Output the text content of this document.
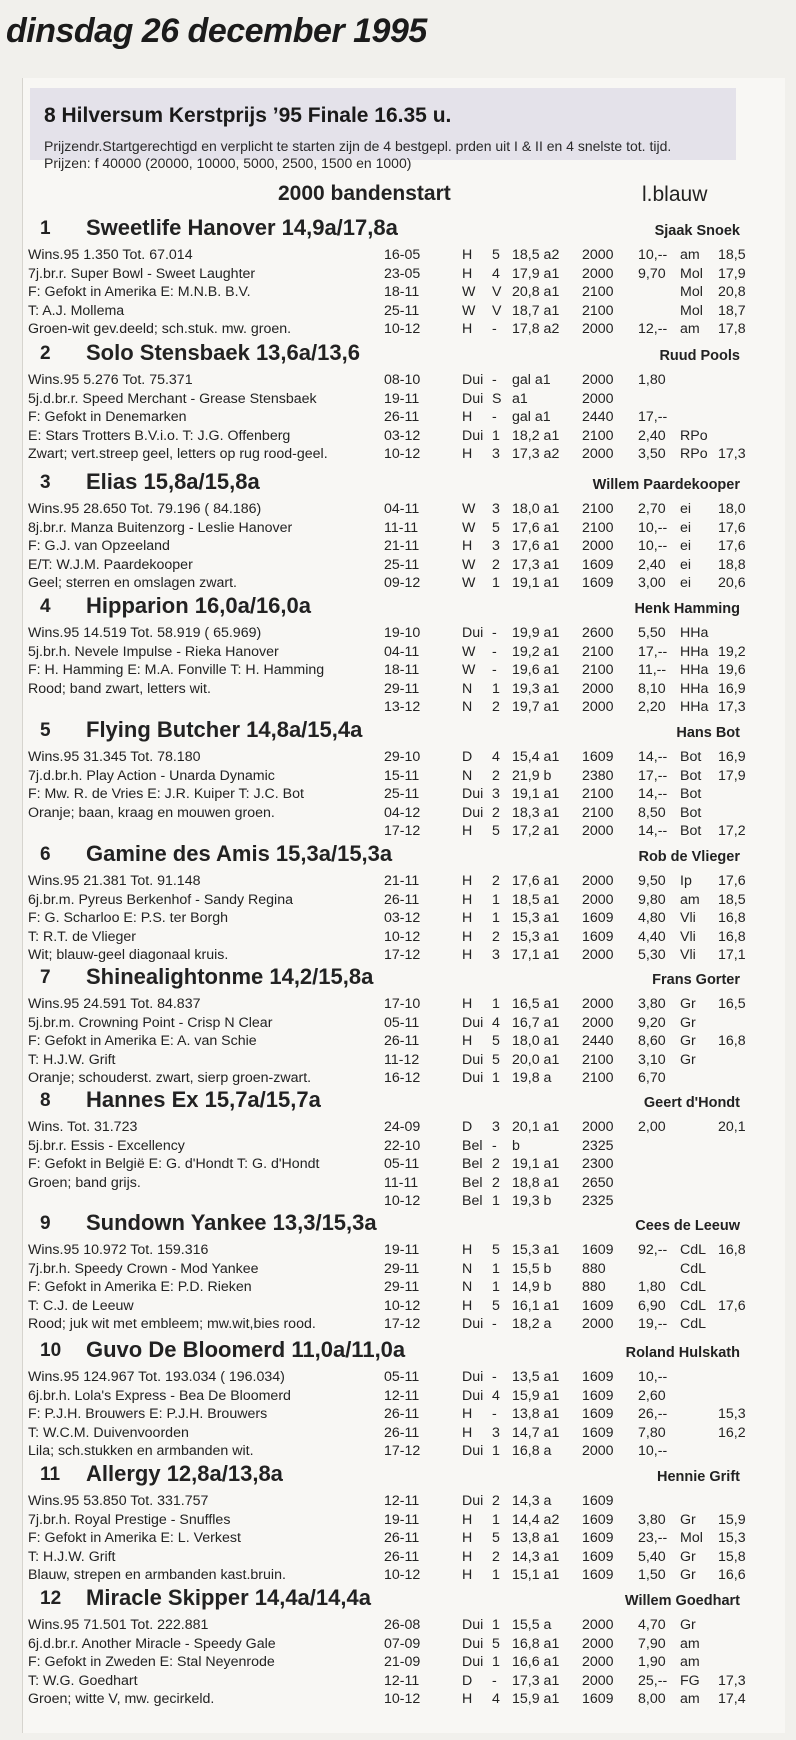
dinsdag 26 december 1995
8 Hilversum Kerstprijs ’95 Finale 16.35 u.
Prijzendr.Startgerechtigd en verplicht te starten zijn de 4 bestgepl. prden uit I & II en 4 snelste tot. tijd. Prijzen: f 40000 (20000, 10000, 5000, 2500, 1500 en 1000)
2000 bandenstart	l.blauw
1 Sweetlife Hanover 14,9a/17,8a	Sjaak Snoek
Wins.95 1.350 Tot. 67.014
7j.br.r. Super Bowl - Sweet Laughter
F: Gefokt in Amerika E: M.N.B. B.V.
T: A.J. Mollema
Groen-wit gev.deeld; sch.stuk. mw. groen.
16-05	H 5 18,5 a2 2000 10,-- am 18,5
23-05	H 4 17,9 a1 2000 9,70 Mol 17,9
18-11	W V 20,8 a1 2100	Mol 20,8
25-11	W V 18,7 a1 2100	Mol 18,7
10-12	H - 17,8 a2 2000 12,-- am 17,8
2 Solo Stensbaek 13,6a/13,6	Ruud Pools
Wins.95 5.276 Tot. 75.371
5j.d.br.r. Speed Merchant - Grease Stensbaek
F: Gefokt in Denemarken
E: Stars Trotters B.V.i.o. T: J.G. Offenberg
Zwart; vert.streep geel, letters op rug rood-geel.
08-10	Dui - gal a1 2000 1,80
19-11	Dui S a1	2000
26-11	H - gal a1 2440 17,--
03-12	Dui 1 18,2 a1 2100 2,40 RPo
10-12	H 3 17,3 a2 2000 3,50 RPo 17,3
3 Elias 15,8a/15,8a	Willem Paardekooper
Wins.95 28.650 Tot. 79.196 ( 84.186)
8j.br.r. Manza Buitenzorg - Leslie Hanover
F: G.J. van Opzeeland
E/T: W.J.M. Paardekooper
Geel; sterren en omslagen zwart.
04-11	W 3 18,0 a1 2100 2,70 ei 18,0
11-11	W 5 17,6 a1 2100 10,-- ei 17,6
21-11	H 3 17,6 a1 2000 10,-- ei 17,6
25-11	W 2 17,3 a1 1609 2,40 ei 18,8
09-12	W 1 19,1 a1 1609 3,00 ei 20,6
4 Hipparion 16,0a/16,0a	Henk Hamming
Wins.95 14.519 Tot. 58.919 ( 65.969)
5j.br.h. Nevele Impulse - Rieka Hanover
F: H. Hamming E: M.A. Fonville T: H. Hamming
Rood; band zwart, letters wit.
19-10	Dui - 19,9 a1 2600 5,50 HHa
04-11	W - 19,2 a1 2100 17,-- HHa 19,2
18-11	W - 19,6 a1 2100 11,-- HHa 19,6
29-11	N 1 19,3 a1 2000 8,10 HHa 16,9
13-12	N 2 19,7 a1 2000 2,20 HHa 17,3
5 Flying Butcher 14,8a/15,4a	Hans Bot
Wins.95 31.345 Tot. 78.180
7j.d.br.h. Play Action - Unarda Dynamic
F: Mw. R. de Vries E: J.R. Kuiper T: J.C. Bot
Oranje; baan, kraag en mouwen groen.
29-10	D 4 15,4 a1 1609 14,-- Bot 16,9
15-11	N 2 21,9 b 2380 17,-- Bot 17,9
25-11	Dui 3 19,1 a1 2100 14,-- Bot
04-12	Dui 2 18,3 a1 2100 8,50 Bot
17-12	H 5 17,2 a1 2000 14,-- Bot 17,2
6 Gamine des Amis 15,3a/15,3a	Rob de Vlieger
Wins.95 21.381 Tot. 91.148
6j.br.m. Pyreus Berkenhof - Sandy Regina
F: G. Scharloo E: P.S. ter Borgh
T: R.T. de Vlieger
Wit; blauw-geel diagonaal kruis.
21-11	H 2 17,6 a1 2000 9,50 Ip 17,6
26-11	H 1 18,5 a1 2000 9,80 am 18,5
03-12	H 1 15,3 a1 1609 4,80 Vli 16,8
10-12	H 2 15,3 a1 1609 4,40 Vli 16,8
17-12	H 3 17,1 a1 2000 5,30 Vli 17,1
7 Shinealightonme 14,2/15,8a	Frans Gorter
Wins.95 24.591 Tot. 84.837
5j.br.m. Crowning Point - Crisp N Clear
F: Gefokt in Amerika E: A. van Schie
T: H.J.W. Grift
Oranje; schouderst. zwart, sierp groen-zwart.
17-10	H 1 16,5 a1 2000 3,80 Gr 16,5
05-11	Dui 4 16,7 a1 2000 9,20 Gr
26-11	H 5 18,0 a1 2440 8,60 Gr 16,8
11-12	Dui 5 20,0 a1 2100 3,10 Gr
16-12	Dui 1 19,8 a 2100 6,70
8 Hannes Ex 15,7a/15,7a	Geert d'Hondt
Wins. Tot. 31.723
5j.br.r. Essis - Excellency
F: Gefokt in België E: G. d'Hondt T: G. d'Hondt
Groen; band grijs.
24-09	D 3 20,1 a1 2000 2,00	20,1
22-10	Bel - b	2325
05-11	Bel 2 19,1 a1 2300
11-11	Bel 2 18,8 a1 2650
10-12	Bel 1 19,3 b 2325
9 Sundown Yankee 13,3/15,3a	Cees de Leeuw
Wins.95 10.972 Tot. 159.316
7j.br.h. Speedy Crown - Mod Yankee
F: Gefokt in Amerika E: P.D. Rieken
T: C.J. de Leeuw
Rood; juk wit met embleem; mw.wit,bies rood.
19-11	H 5 15,3 a1 1609 92,-- CdL 16,8
29-11	N 1 15,5 b 880	CdL
29-11	N 1 14,9 b 880 1,80 CdL
10-12	H 5 16,1 a1 1609 6,90 CdL 17,6
17-12	Dui - 18,2 a 2000 19,-- CdL
10 Guvo De Bloomerd 11,0a/11,0a	Roland Hulskath
Wins.95 124.967 Tot. 193.034 ( 196.034)
6j.br.h. Lola's Express - Bea De Bloomerd
F: P.J.H. Brouwers E: P.J.H. Brouwers
T: W.C.M. Duivenvoorden
Lila; sch.stukken en armbanden wit.
05-11	Dui - 13,5 a1 1609 10,--
12-11	Dui 4 15,9 a1 1609 2,60
26-11	H - 13,8 a1 1609 26,--	15,3
26-11	H 3 14,7 a1 1609 7,80	16,2
17-12	Dui 1 16,8 a 2000 10,--
11 Allergy 12,8a/13,8a	Hennie Grift
Wins.95 53.850 Tot. 331.757
7j.br.h. Royal Prestige - Snuffles
F: Gefokt in Amerika E: L. Verkest
T: H.J.W. Grift
Blauw, strepen en armbanden kast.bruin.
12-11	Dui 2 14,3 a 1609
19-11	H 1 14,4 a2 1609 3,80 Gr 15,9
26-11	H 5 13,8 a1 1609 23,-- Mol 15,3
26-11	H 2 14,3 a1 1609 5,40 Gr 15,8
10-12	H 1 15,1 a1 1609 1,50 Gr 16,6
12 Miracle Skipper 14,4a/14,4a	Willem Goedhart
Wins.95 71.501 Tot. 222.881
6j.d.br.r. Another Miracle - Speedy Gale
F: Gefokt in Zweden E: Stal Neyenrode
T: W.G. Goedhart
Groen; witte V, mw. gecirkeld.
26-08	Dui 1 15,5 a 2000 4,70 Gr
07-09	Dui 5 16,8 a1 2000 7,90 am
21-09	Dui 1 16,6 a1 2000 1,90 am
12-11	D - 17,3 a1 2000 25,-- FG 17,3
10-12	H 4 15,9 a1 1609 8,00 am 17,4
